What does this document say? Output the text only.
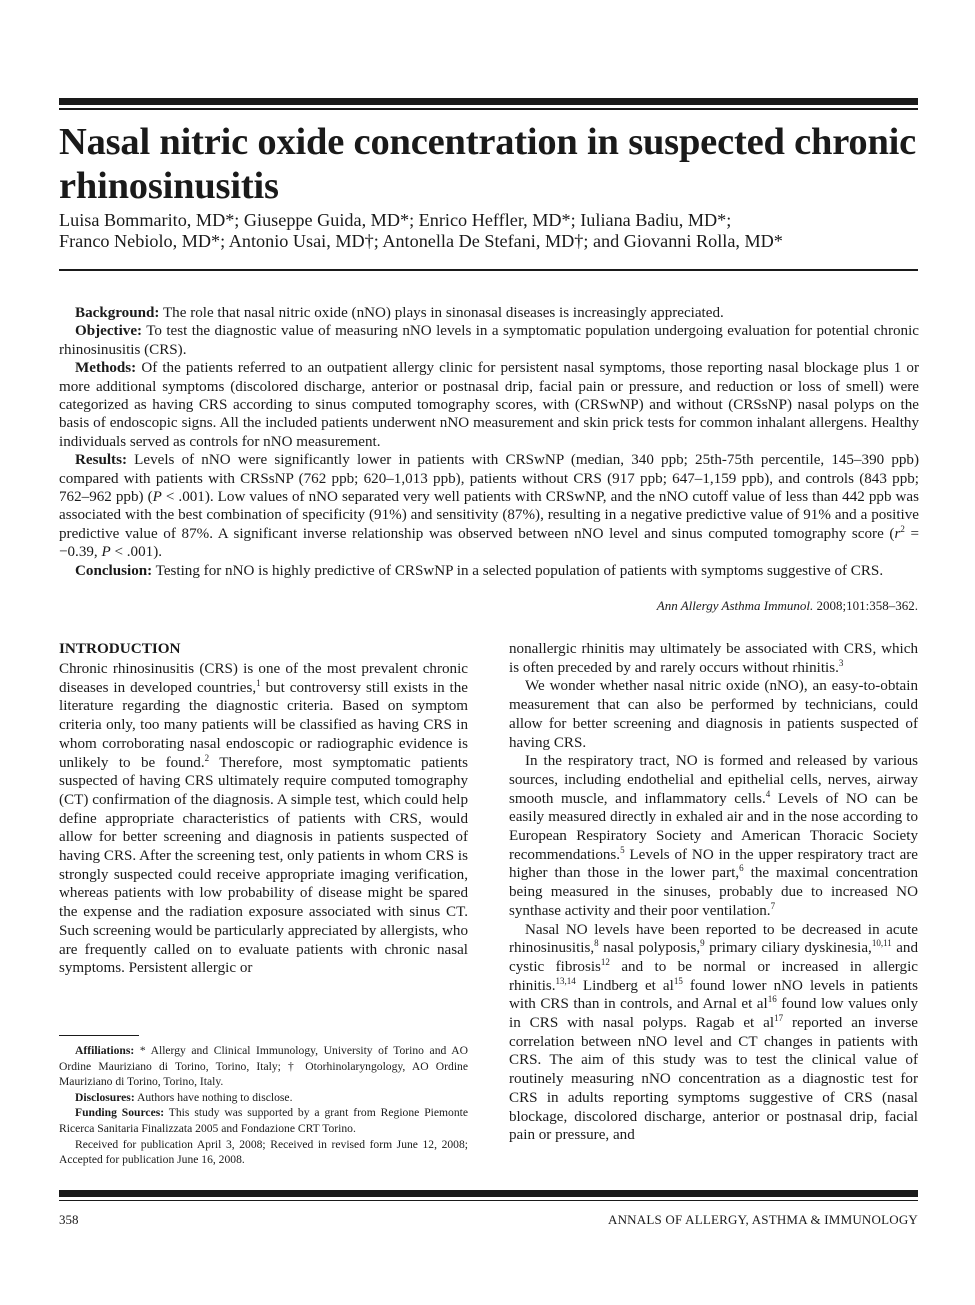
Nasal nitric oxide concentration in suspected chronic rhinosinusitis
Luisa Bommarito, MD*; Giuseppe Guida, MD*; Enrico Heffler, MD*; Iuliana Badiu, MD*;
Franco Nebiolo, MD*; Antonio Usai, MD†; Antonella De Stefani, MD†; and Giovanni Rolla, MD*

Background: The role that nasal nitric oxide (nNO) plays in sinonasal diseases is increasingly appreciated.

Objective: To test the diagnostic value of measuring nNO levels in a symptomatic population undergoing evaluation for potential chronic rhinosinusitis (CRS).

Methods: Of the patients referred to an outpatient allergy clinic for persistent nasal symptoms, those reporting nasal blockage plus 1 or more additional symptoms (discolored discharge, anterior or postnasal drip, facial pain or pressure, and reduction or loss of smell) were categorized as having CRS according to sinus computed tomography scores, with (CRSwNP) and without (CRSsNP) nasal polyps on the basis of endoscopic signs. All the included patients underwent nNO measurement and skin prick tests for common inhalant allergens. Healthy individuals served as controls for nNO measurement.

Results: Levels of nNO were significantly lower in patients with CRSwNP (median, 340 ppb; 25th-75th percentile, 145–390 ppb) compared with patients with CRSsNP (762 ppb; 620–1,013 ppb), patients without CRS (917 ppb; 647–1,159 ppb), and controls (843 ppb; 762–962 ppb) (P < .001). Low values of nNO separated very well patients with CRSwNP, and the nNO cutoff value of less than 442 ppb was associated with the best combination of specificity (91%) and sensitivity (87%), resulting in a negative predictive value of 91% and a positive predictive value of 87%. A significant inverse relationship was observed between nNO level and sinus computed tomography score ($r^2 = -0.39$, P < .001).

Conclusion: Testing for nNO is highly predictive of CRSwNP in a selected population of patients with symptoms suggestive of CRS.

Ann Allergy Asthma Immunol. 2008;101:358–362.
INTRODUCTION

Chronic rhinosinusitis (CRS) is one of the most prevalent chronic diseases in developed countries,$^1$ but controversy still exists in the literature regarding the diagnostic criteria. Based on symptom criteria only, too many patients will be classified as having CRS in whom corroborating nasal endoscopic or radiographic evidence is unlikely to be found.$^2$ Therefore, most symptomatic patients suspected of having CRS ultimately require computed tomography (CT) confirmation of the diagnosis. A simple test, which could help define appropriate characteristics of patients with CRS, would allow for better screening and diagnosis in patients suspected of having CRS. After the screening test, only patients in whom CRS is strongly suspected could receive appropriate imaging verification, whereas patients with low probability of disease might be spared the expense and the radiation exposure associated with sinus CT. Such screening would be particularly appreciated by allergists, who are frequently called on to evaluate patients with chronic nasal symptoms. Persistent allergic or

nonallergic rhinitis may ultimately be associated with CRS, which is often preceded by and rarely occurs without rhinitis.$^3$

We wonder whether nasal nitric oxide (nNO), an easy-to-obtain measurement that can also be performed by technicians, could allow for better screening and diagnosis in patients suspected of having CRS.

In the respiratory tract, NO is formed and released by various sources, including endothelial and epithelial cells, nerves, airway smooth muscle, and inflammatory cells.$^4$ Levels of NO can be easily measured directly in exhaled air and in the nose according to European Respiratory Society and American Thoracic Society recommendations.$^5$ Levels of NO in the upper respiratory tract are higher than those in the lower part,$^6$ the maximal concentration being measured in the sinuses, probably due to increased NO synthase activity and their poor ventilation.$^7$

Nasal NO levels have been reported to be decreased in acute rhinosinusitis,$^8$ nasal polyposis,$^9$ primary ciliary dyskinesia,$^{10,11}$ and cystic fibrosis$^{12}$ and to be normal or increased in allergic rhinitis.$^{13,14}$ Lindberg et $al^{15}$ found lower nNO levels in patients with CRS than in controls, and Arnal et $al^{16}$ found low values only in CRS with nasal polyps. Ragab et $al^{17}$ reported an inverse correlation between nNO level and CT changes in patients with CRS. The aim of this study was to test the clinical value of routinely measuring nNO concentration as a diagnostic test for CRS in adults reporting symptoms suggestive of CRS (nasal blockage, discolored discharge, anterior or postnasal drip, facial pain or pressure, and

Affiliations: * Allergy and Clinical Immunology, University of Torino and AO Ordine Mauriziano di Torino, Torino, Italy; † Otorhinolaryngology, AO Ordine Mauriziano di Torino, Torino, Italy.

Disclosures: Authors have nothing to disclose.

Funding Sources: This study was supported by a grant from Regione Piemonte Ricerca Sanitaria Finalizzata 2005 and Fondazione CRT Torino.

Received for publication April 3, 2008; Received in revised form June 12, 2008; Accepted for publication June 16, 2008.

358	ANNALS OF ALLERGY, ASTHMA & IMMUNOLOGY
